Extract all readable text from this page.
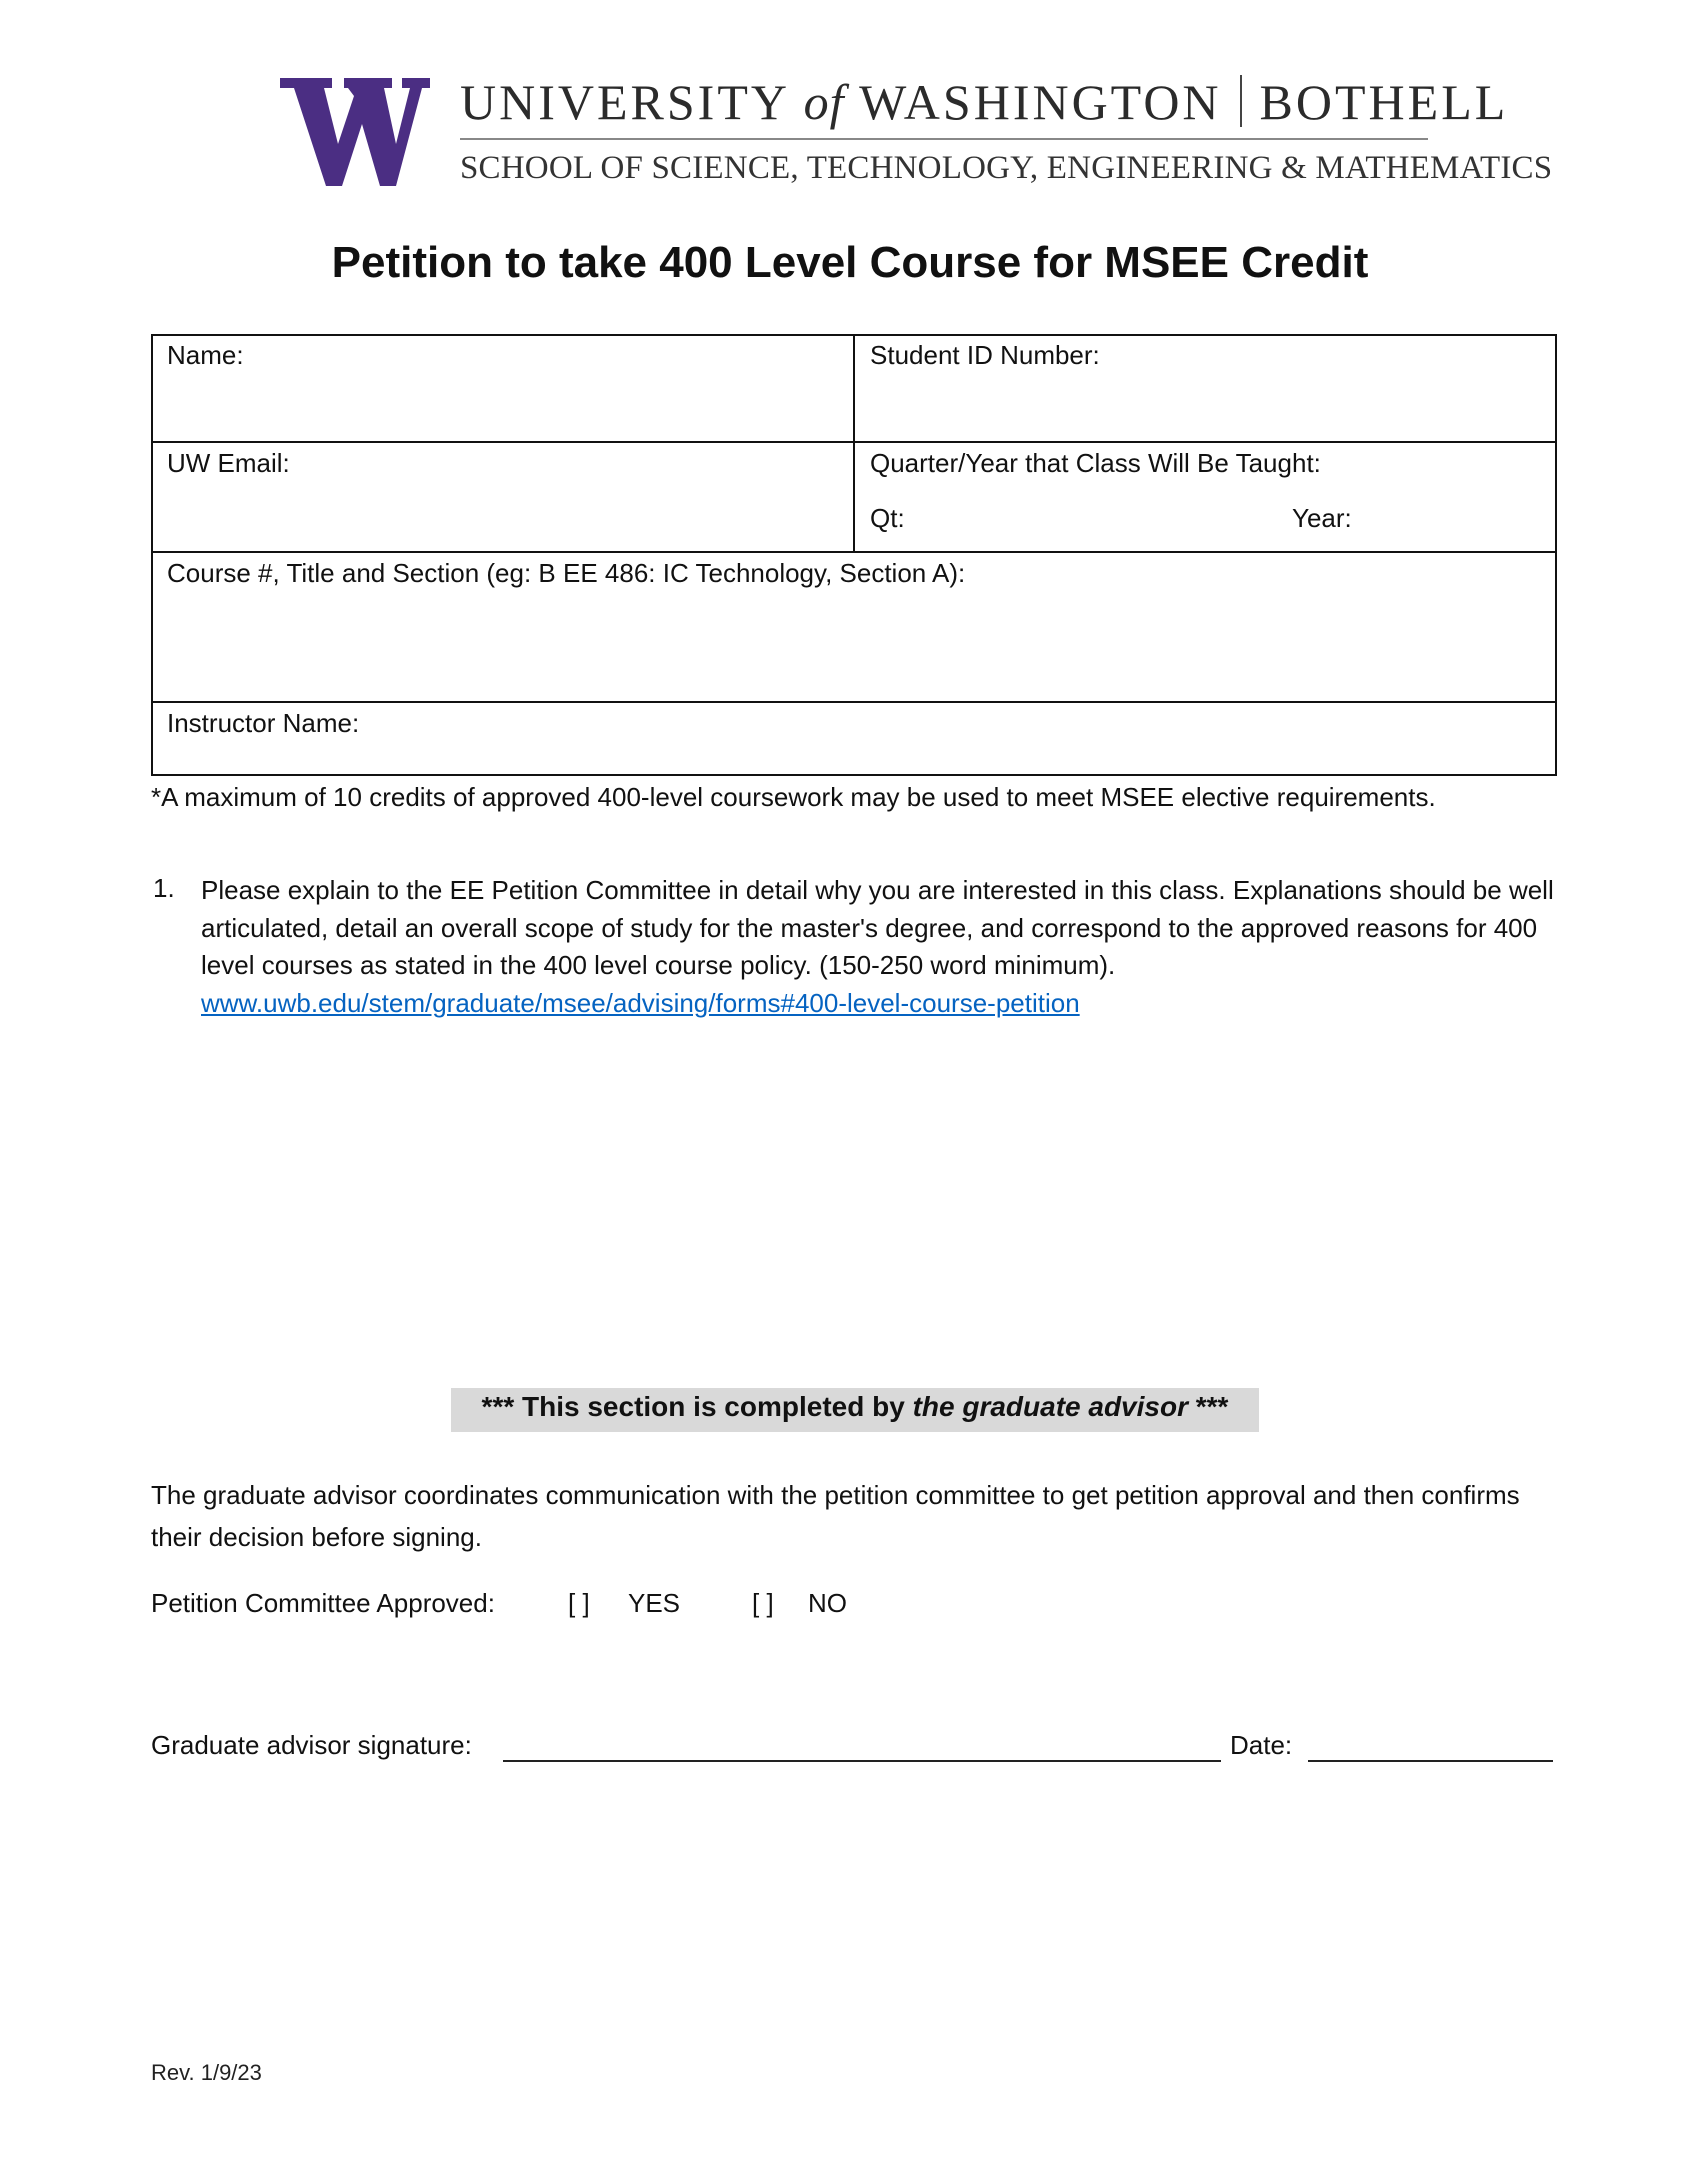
UNIVERSITY of WASHINGTON BOTHELL
SCHOOL OF SCIENCE, TECHNOLOGY, ENGINEERING & MATHEMATICS
Petition to take 400 Level Course for MSEE Credit
Name:	Student ID Number:
UW Email:	Quarter/Year that Class Will Be Taught:
Qt:	Year:
Course #, Title and Section (eg: B EE 486: IC Technology, Section A):
Instructor Name:
*A maximum of 10 credits of approved 400-level coursework may be used to meet MSEE elective requirements.
1. Please explain to the EE Petition Committee in detail why you are interested in this class. Explanations should be well articulated, detail an overall scope of study for the master's degree, and correspond to the approved reasons for 400 level courses as stated in the 400 level course policy. (150-250 word minimum).
www.uwb.edu/stem/graduate/msee/advising/forms#400-level-course-petition
*** This section is completed by the graduate advisor ***
The graduate advisor coordinates communication with the petition committee to get petition approval and then confirms their decision before signing.
Petition Committee Approved:	[ ] YES	[ ] NO
Graduate advisor signature:	Date:
Rev. 1/9/23
